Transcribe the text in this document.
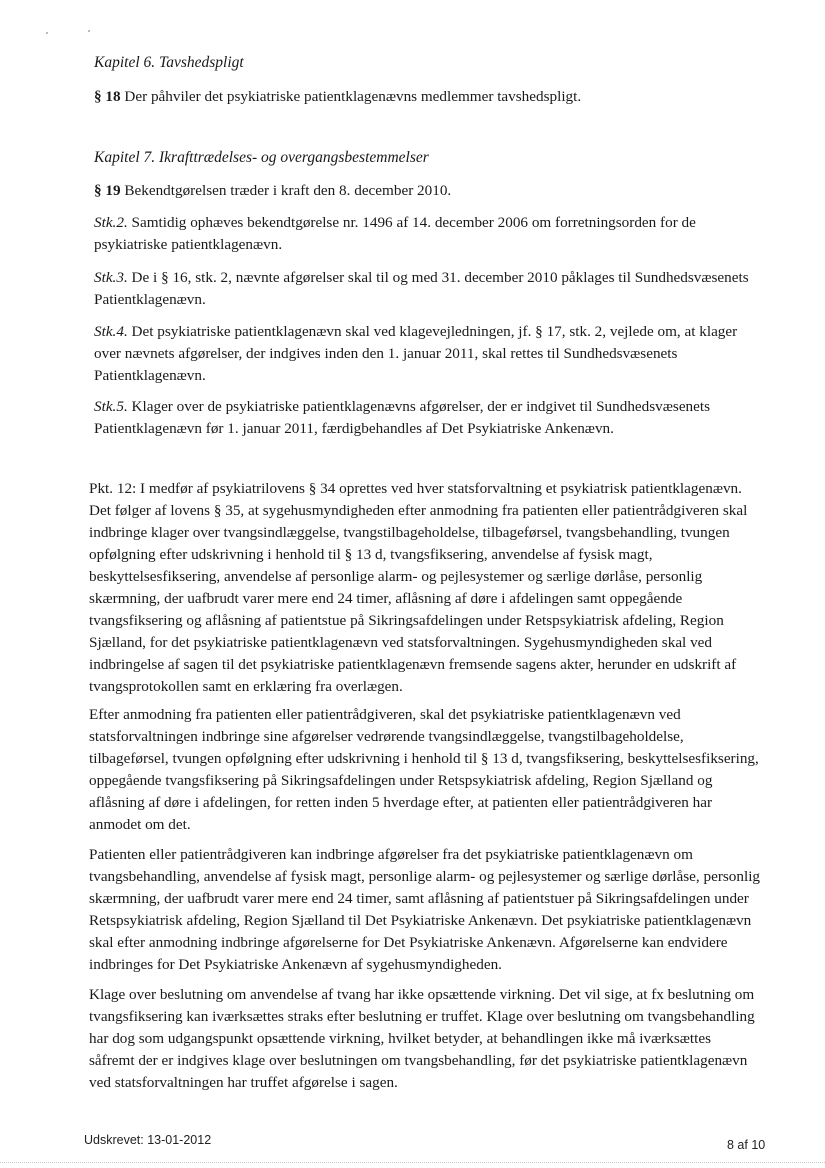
Kapitel 6. Tavshedspligt
§ 18 Der påhviler det psykiatriske patientklagenævns medlemmer tavshedspligt.
Kapitel 7. Ikrafttrædelses- og overgangsbestemmelser
§ 19 Bekendtgørelsen træder i kraft den 8. december 2010.
Stk.2. Samtidig ophæves bekendtgørelse nr. 1496 af 14. december 2006 om forretningsorden for de
psykiatriske patientklagenævn.
Stk.3. De i § 16, stk. 2, nævnte afgørelser skal til og med 31. december 2010 påklages til Sundhedsvæsenets
Patientklagenævn.
Stk.4. Det psykiatriske patientklagenævn skal ved klagevejledningen, jf. § 17, stk. 2, vejlede om, at klager
over nævnets afgørelser, der indgives inden den 1. januar 2011, skal rettes til Sundhedsvæsenets
Patientklagenævn.
Stk.5. Klager over de psykiatriske patientklagenævns afgørelser, der er indgivet til Sundhedsvæsenets
Patientklagenævn før 1. januar 2011, færdigbehandles af Det Psykiatriske Ankenævn.
Pkt. 12: I medfør af psykiatrilovens § 34 oprettes ved hver statsforvaltning et psykiatrisk patientklagenævn.
Det følger af lovens § 35, at sygehusmyndigheden efter anmodning fra patienten eller patientrådgiveren skal
indbringe klager over tvangsindlæggelse, tvangstilbageholdelse, tilbageførsel, tvangsbehandling, tvungen
opfølgning efter udskrivning i henhold til § 13 d, tvangsfiksering, anvendelse af fysisk magt,
beskyttelsesfiksering, anvendelse af personlige alarm- og pejlesystemer og særlige dørlåse, personlig
skærmning, der uafbrudt varer mere end 24 timer, aflåsning af døre i afdelingen samt oppegående
tvangsfiksering og aflåsning af patientstue på Sikringsafdelingen under Retspsykiatrisk afdeling, Region
Sjælland, for det psykiatriske patientklagenævn ved statsforvaltningen. Sygehusmyndigheden skal ved
indbringelse af sagen til det psykiatriske patientklagenævn fremsende sagens akter, herunder en udskrift af
tvangsprotokollen samt en erklæring fra overlægen.
Efter anmodning fra patienten eller patientrådgiveren, skal det psykiatriske patientklagenævn ved
statsforvaltningen indbringe sine afgørelser vedrørende tvangsindlæggelse, tvangstilbageholdelse,
tilbageførsel, tvungen opfølgning efter udskrivning i henhold til § 13 d, tvangsfiksering, beskyttelsesfiksering,
oppegående tvangsfiksering på Sikringsafdelingen under Retspsykiatrisk afdeling, Region Sjælland og
aflåsning af døre i afdelingen, for retten inden 5 hverdage efter, at patienten eller patientrådgiveren har
anmodet om det.
Patienten eller patientrådgiveren kan indbringe afgørelser fra det psykiatriske patientklagenævn om
tvangsbehandling, anvendelse af fysisk magt, personlige alarm- og pejlesystemer og særlige dørlåse, personlig
skærmning, der uafbrudt varer mere end 24 timer, samt aflåsning af patientstuer på Sikringsafdelingen under
Retspsykiatrisk afdeling, Region Sjælland til Det Psykiatriske Ankenævn. Det psykiatriske patientklagenævn
skal efter anmodning indbringe afgørelserne for Det Psykiatriske Ankenævn. Afgørelserne kan endvidere
indbringes for Det Psykiatriske Ankenævn af sygehusmyndigheden.
Klage over beslutning om anvendelse af tvang har ikke opsættende virkning. Det vil sige, at fx beslutning om
tvangsfiksering kan iværksættes straks efter beslutning er truffet. Klage over beslutning om tvangsbehandling
har dog som udgangspunkt opsættende virkning, hvilket betyder, at behandlingen ikke må iværksættes
såfremt der er indgives klage over beslutningen om tvangsbehandling, før det psykiatriske patientklagenævn
ved statsforvaltningen har truffet afgørelse i sagen.
Udskrevet: 13-01-2012	8 af 10
